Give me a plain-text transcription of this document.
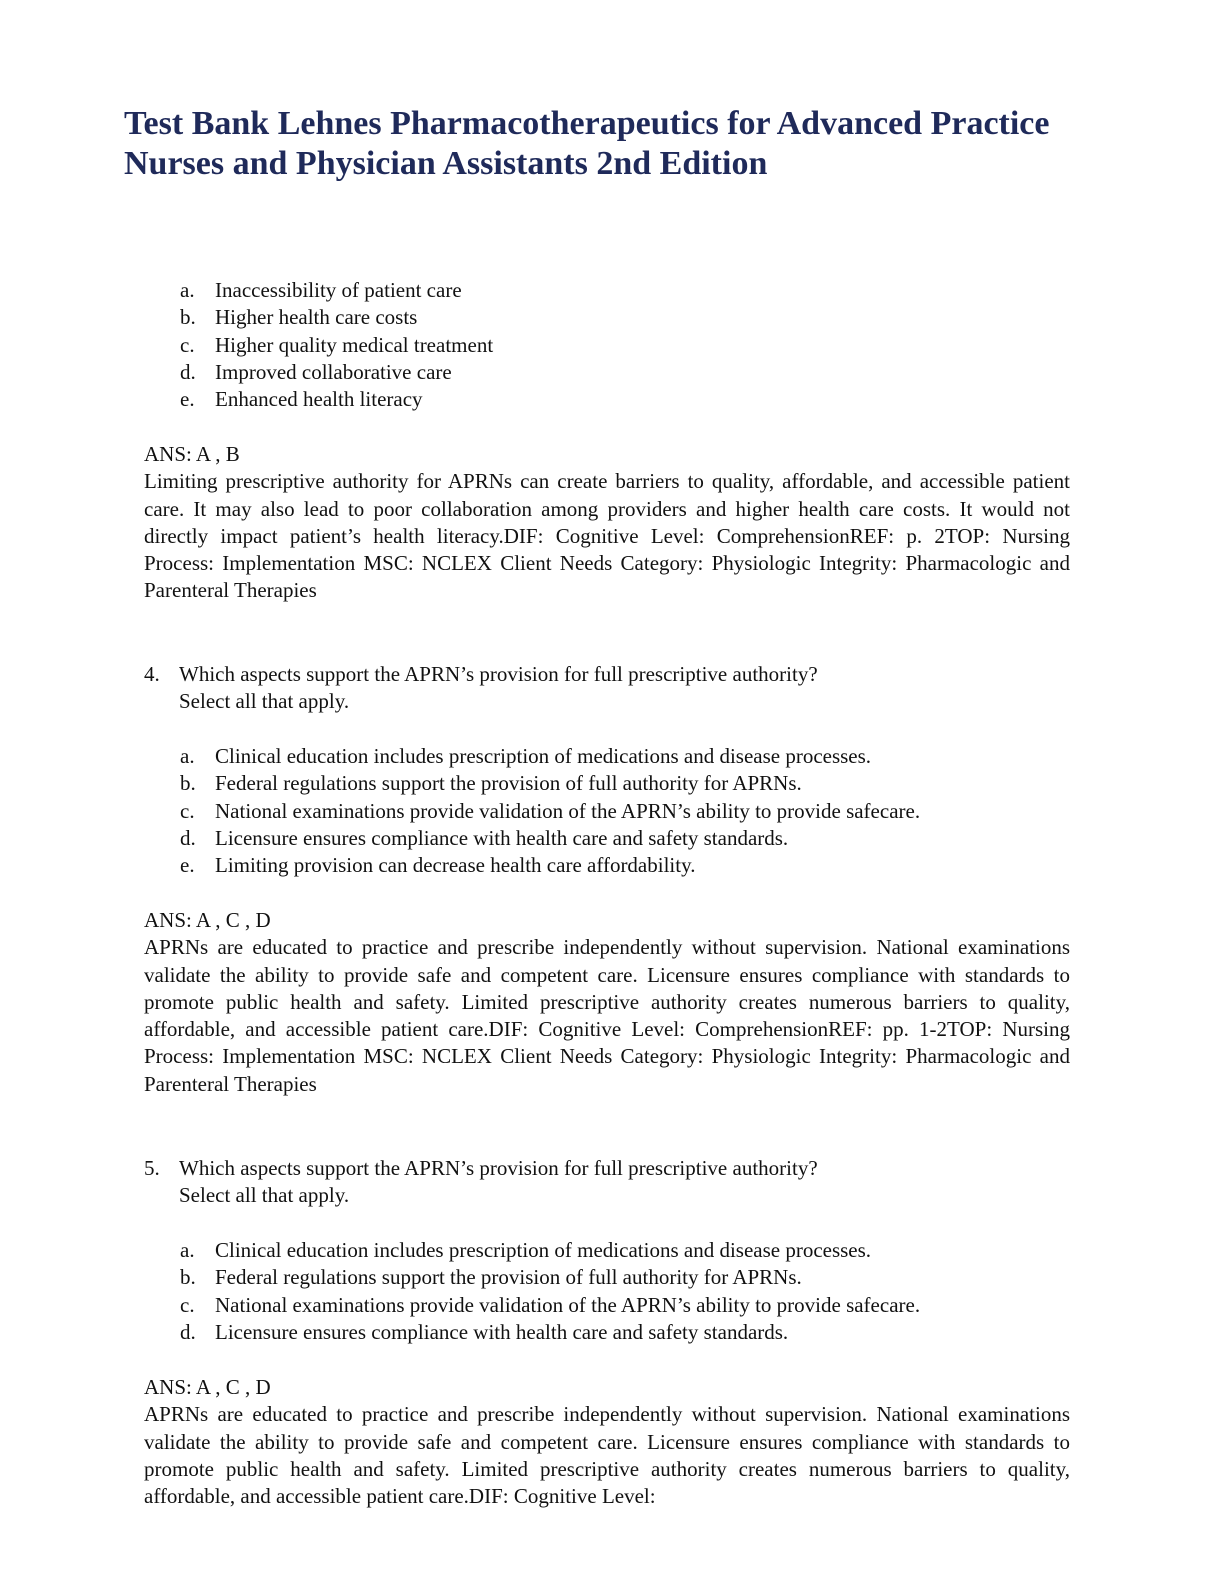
Test Bank Lehnes Pharmacotherapeutics for Advanced Practice Nurses and Physician Assistants 2nd Edition
a. Inaccessibility of patient care
b. Higher health care costs
c. Higher quality medical treatment
d. Improved collaborative care
e. Enhanced health literacy
ANS: A , B

Limiting prescriptive authority for APRNs can create barriers to quality, affordable, and accessible patient care. It may also lead to poor collaboration among providers and higher health care costs. It would not directly impact patient’s health literacy.DIF: Cognitive Level: ComprehensionREF: p. 2TOP: Nursing Process: Implementation MSC: NCLEX Client Needs Category: Physiologic Integrity: Pharmacologic and Parenteral Therapies

4. Which aspects support the APRN’s provision for full prescriptive authority?
Select all that apply.
a. Clinical education includes prescription of medications and disease processes.
b. Federal regulations support the provision of full authority for APRNs.
c. National examinations provide validation of the APRN’s ability to provide safecare.
d. Licensure ensures compliance with health care and safety standards.
e. Limiting provision can decrease health care affordability.
ANS: A , C , D

APRNs are educated to practice and prescribe independently without supervision. National examinations validate the ability to provide safe and competent care. Licensure ensures compliance with standards to promote public health and safety. Limited prescriptive authority creates numerous barriers to quality, affordable, and accessible patient care.DIF: Cognitive Level: ComprehensionREF: pp. 1-2TOP: Nursing Process: Implementation MSC: NCLEX Client Needs Category: Physiologic Integrity: Pharmacologic and Parenteral Therapies

5. Which aspects support the APRN’s provision for full prescriptive authority?
Select all that apply.
a. Clinical education includes prescription of medications and disease processes.
b. Federal regulations support the provision of full authority for APRNs.
c. National examinations provide validation of the APRN’s ability to provide safecare.
d. Licensure ensures compliance with health care and safety standards.
ANS: A , C , D

APRNs are educated to practice and prescribe independently without supervision. National examinations validate the ability to provide safe and competent care. Licensure ensures compliance with standards to promote public health and safety. Limited prescriptive authority creates numerous barriers to quality, affordable, and accessible patient care.DIF: Cognitive Level:
